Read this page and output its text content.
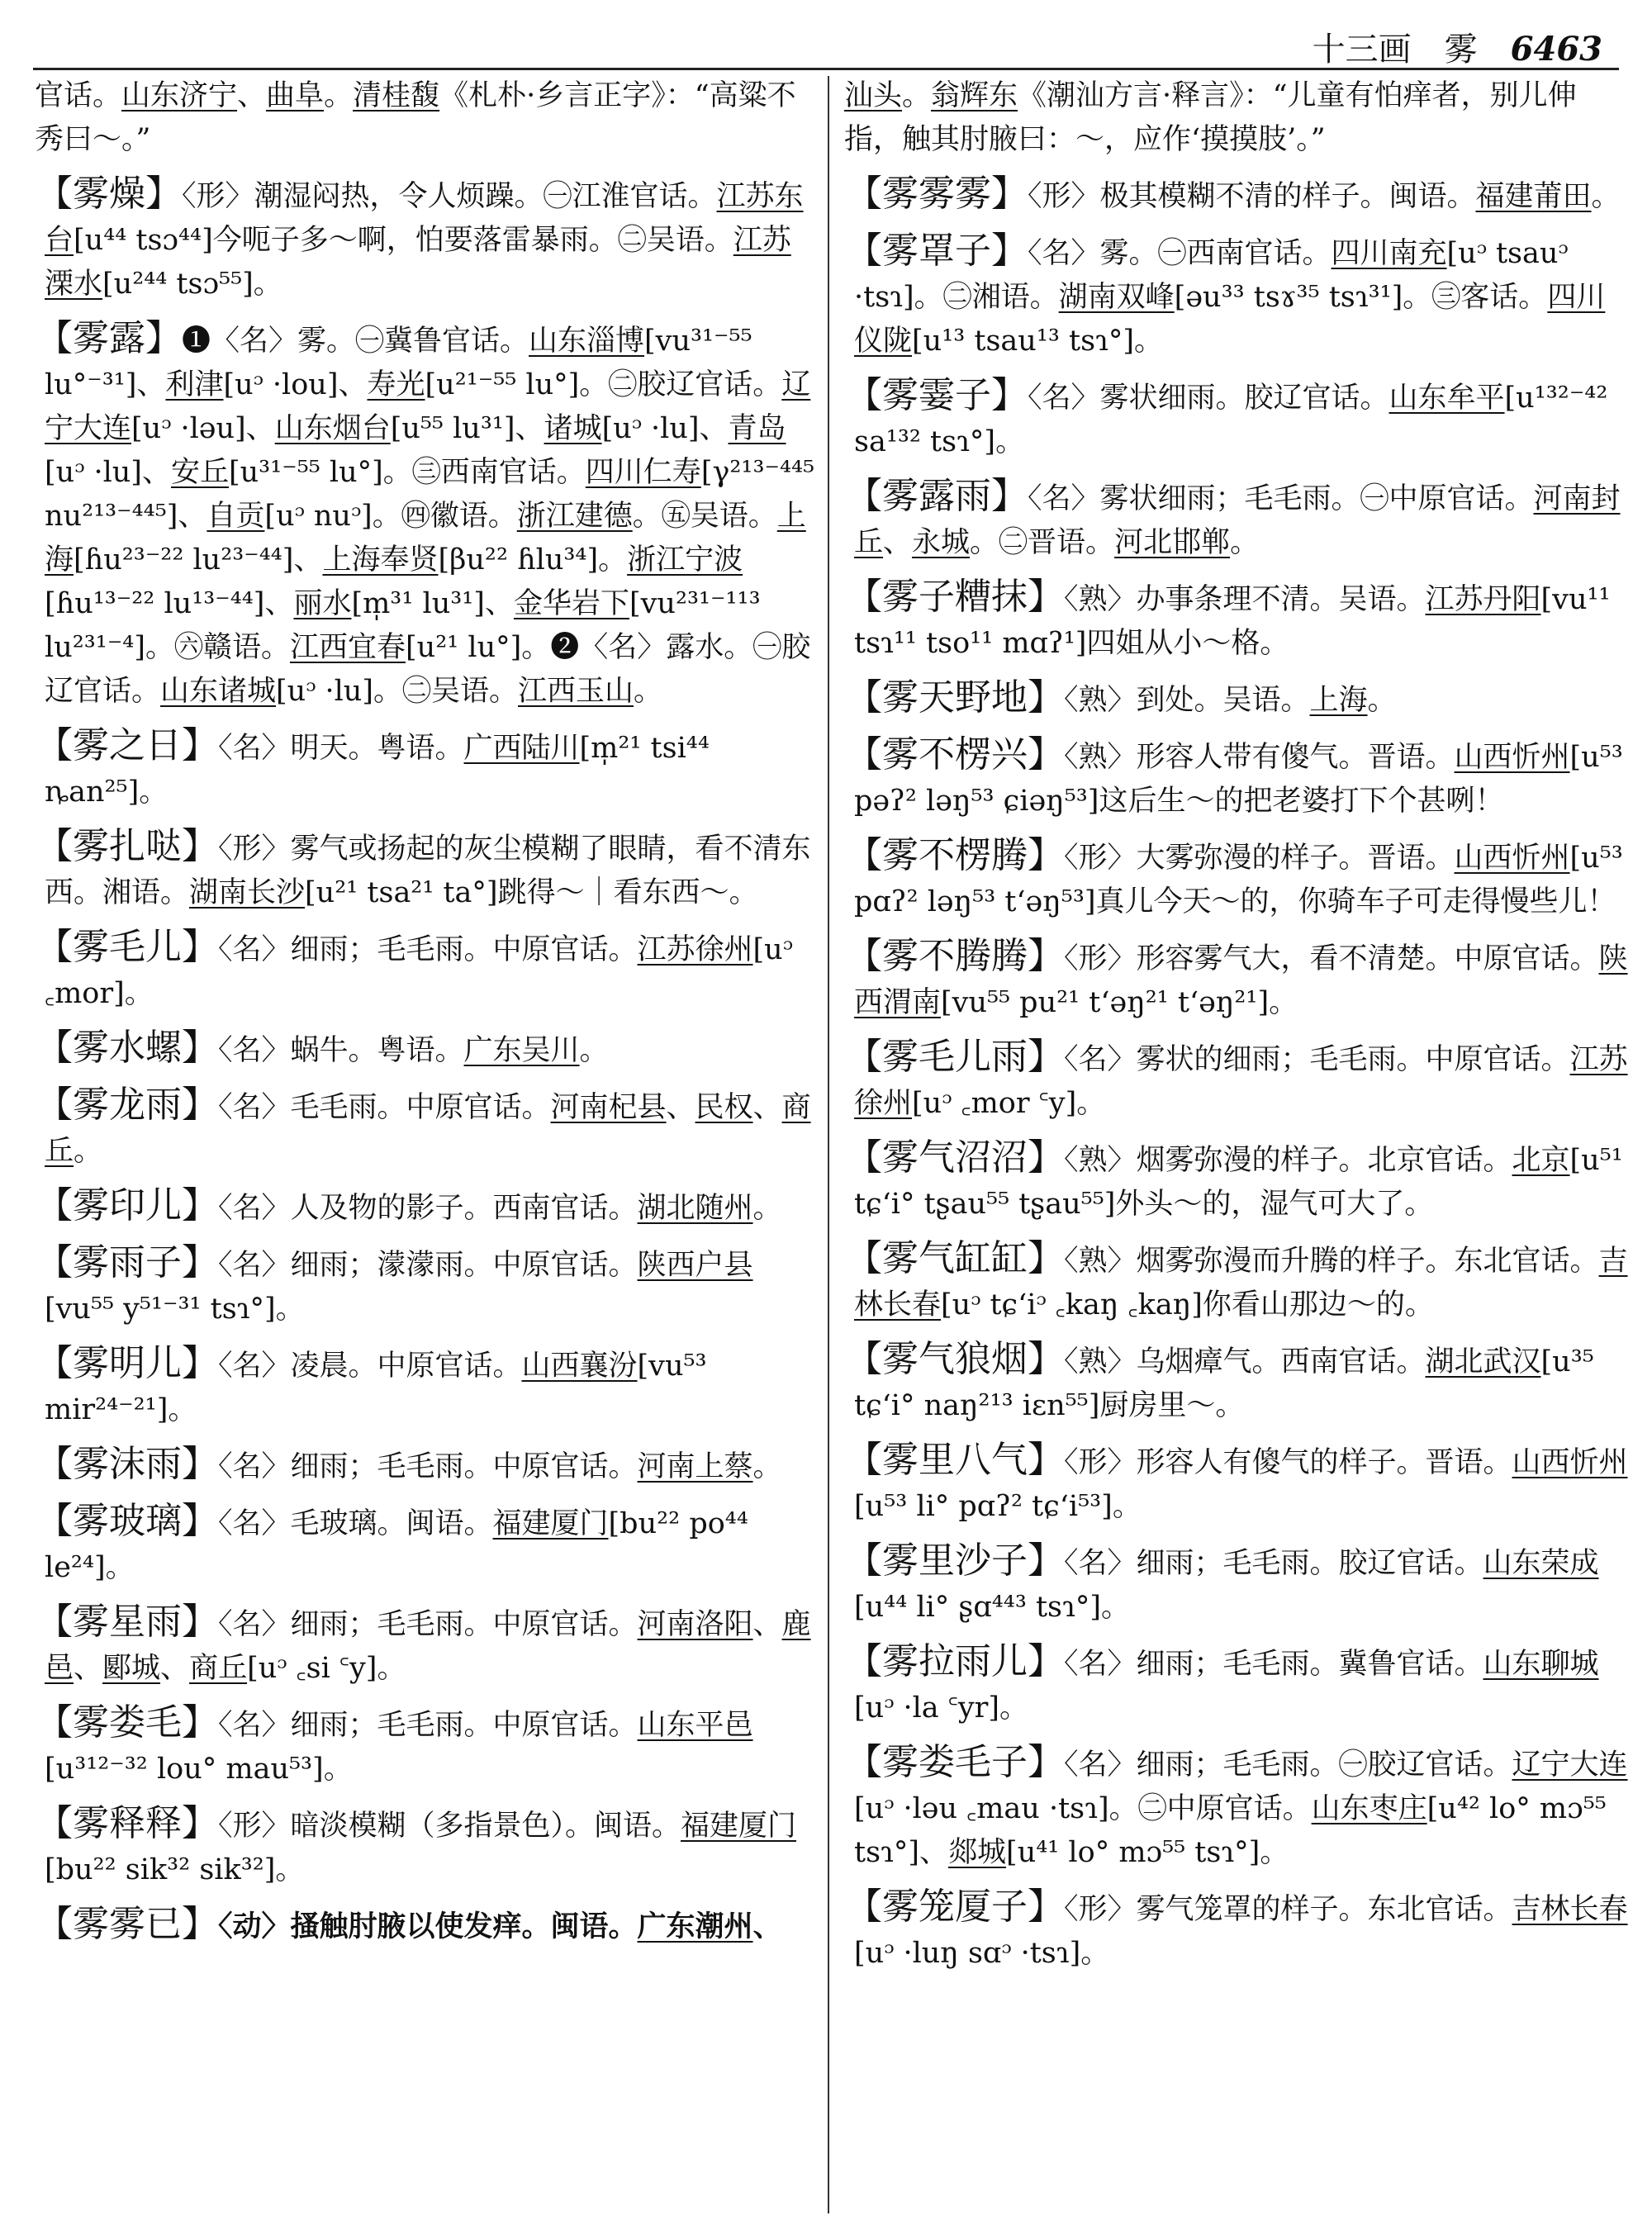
十三画　雾 6463

官话。山东济宁、曲阜。清桂馥《札朴·乡言正字》：“高粱不秀曰～。”

【雾燥】〈形〉潮湿闷热，令人烦躁。㊀江淮官话。江苏东台[u⁴⁴ tsɔ⁴⁴]今呃子多～啊，怕要落雷暴雨。㊁吴语。江苏溧水[u²⁴⁴ tsɔ⁵⁵]。

【雾露】❶〈名〉雾。㊀冀鲁官话。山东淄博[vu³¹⁻⁵⁵ lu°⁻³¹]、利津[uᵓ ·lou]、寿光[u²¹⁻⁵⁵ lu°]。㊁胶辽官话。辽宁大连[uᵓ ·ləu]、山东烟台[u⁵⁵ lu³¹]、诸城[uᵓ ·lu]、青岛[uᵓ ·lu]、安丘[u³¹⁻⁵⁵ lu°]。㊂西南官话。四川仁寿[γ²¹³⁻⁴⁴⁵ nu²¹³⁻⁴⁴⁵]、自贡[uᵓ nuᵓ]。㊃徽语。浙江建德。㊄吴语。上海[ɦu²³⁻²² lu²³⁻⁴⁴]、上海奉贤[βu²² ɦlu³⁴]。浙江宁波[ɦu¹³⁻²² lu¹³⁻⁴⁴]、丽水[m̩³¹ lu³¹]、金华岩下[vu²³¹⁻¹¹³ lu²³¹⁻⁴]。㊅赣语。江西宜春[u²¹ lu°]。❷〈名〉露水。㊀胶辽官话。山东诸城[uᵓ ·lu]。㊁吴语。江西玉山。

【雾之日】〈名〉明天。粤语。广西陆川[m̩²¹ tsi⁴⁴ ȵan²⁵]。

【雾扎哒】〈形〉雾气或扬起的灰尘模糊了眼睛，看不清东西。湘语。湖南长沙[u²¹ tsa²¹ ta°]跳得～｜看东西～。

【雾毛儿】〈名〉细雨；毛毛雨。中原官话。江苏徐州[uᵓ ꜀mor]。

【雾水螺】〈名〉蜗牛。粤语。广东吴川。

【雾龙雨】〈名〉毛毛雨。中原官话。河南杞县、民权、商丘。

【雾印儿】〈名〉人及物的影子。西南官话。湖北随州。

【雾雨子】〈名〉细雨；濛濛雨。中原官话。陕西户县[vu⁵⁵ y⁵¹⁻³¹ tsɿ°]。

【雾明儿】〈名〉凌晨。中原官话。山西襄汾[vu⁵³ mir²⁴⁻²¹]。

【雾沫雨】〈名〉细雨；毛毛雨。中原官话。河南上蔡。

【雾玻璃】〈名〉毛玻璃。闽语。福建厦门[bu²² po⁴⁴ le²⁴]。

【雾星雨】〈名〉细雨；毛毛雨。中原官话。河南洛阳、鹿邑、郾城、商丘[uᵓ ꜀si ꜂y]。

【雾娄毛】〈名〉细雨；毛毛雨。中原官话。山东平邑[u³¹²⁻³² lou° mau⁵³]。

【雾释释】〈形〉暗淡模糊（多指景色）。闽语。福建厦门[bu²² sik³² sik³²]。

【雾雾已】〈动〉搔触肘腋以使发痒。闽语。广东潮州、

汕头。翁辉东《潮汕方言·释言》：“儿童有怕痒者，别儿伸指，触其肘腋曰：～，应作‘摸摸肢’。”

【雾雾雾】〈形〉极其模糊不清的样子。闽语。福建莆田。

【雾罩子】〈名〉雾。㊀西南官话。四川南充[uᵓ tsauᵓ ·tsɿ]。㊁湘语。湖南双峰[əu³³ tsɤ³⁵ tsɿ³¹]。㊂客话。四川仪陇[u¹³ tsau¹³ tsɿ°]。

【雾霎子】〈名〉雾状细雨。胶辽官话。山东牟平[u¹³²⁻⁴² sa¹³² tsɿ°]。

【雾露雨】〈名〉雾状细雨；毛毛雨。㊀中原官话。河南封丘、永城。㊁晋语。河北邯郸。

【雾子糟抹】〈熟〉办事条理不清。吴语。江苏丹阳[vu¹¹ tsɿ¹¹ tso¹¹ mɑʔ¹]四姐从小～格。

【雾天野地】〈熟〉到处。吴语。上海。

【雾不楞兴】〈熟〉形容人带有傻气。晋语。山西忻州[u⁵³ pəʔ² ləŋ⁵³ ɕiəŋ⁵³]这后生～的把老婆打下个甚咧！

【雾不楞腾】〈形〉大雾弥漫的样子。晋语。山西忻州[u⁵³ pɑʔ² ləŋ⁵³ tʻəŋ⁵³]真儿今天～的，你骑车子可走得慢些儿！

【雾不腾腾】〈形〉形容雾气大，看不清楚。中原官话。陕西渭南[vu⁵⁵ pu²¹ tʻəŋ²¹ tʻəŋ²¹]。

【雾毛儿雨】〈名〉雾状的细雨；毛毛雨。中原官话。江苏徐州[uᵓ ꜀mor ꜂y]。

【雾气沼沼】〈熟〉烟雾弥漫的样子。北京官话。北京[u⁵¹ tɕʻi° tʂau⁵⁵ tʂau⁵⁵]外头～的，湿气可大了。

【雾气缸缸】〈熟〉烟雾弥漫而升腾的样子。东北官话。吉林长春[uᵓ tɕʻiᵓ ꜀kaŋ ꜀kaŋ]你看山那边～的。

【雾气狼烟】〈熟〉乌烟瘴气。西南官话。湖北武汉[u³⁵ tɕʻi° naŋ²¹³ iɛn⁵⁵]厨房里～。

【雾里八气】〈形〉形容人有傻气的样子。晋语。山西忻州[u⁵³ li° pɑʔ² tɕʻi⁵³]。

【雾里沙子】〈名〉细雨；毛毛雨。胶辽官话。山东荣成[u⁴⁴ li° ʂɑ⁴⁴³ tsɿ°]。

【雾拉雨儿】〈名〉细雨；毛毛雨。冀鲁官话。山东聊城[uᵓ ·la ꜂yr]。

【雾娄毛子】〈名〉细雨；毛毛雨。㊀胶辽官话。辽宁大连[uᵓ ·ləu ꜀mau ·tsɿ]。㊁中原官话。山东枣庄[u⁴² lo° mɔ⁵⁵ tsɿ°]、郯城[u⁴¹ lo° mɔ⁵⁵ tsɿ°]。

【雾笼厦子】〈形〉雾气笼罩的样子。东北官话。吉林长春[uᵓ ·luŋ sɑᵓ ·tsɿ]。
